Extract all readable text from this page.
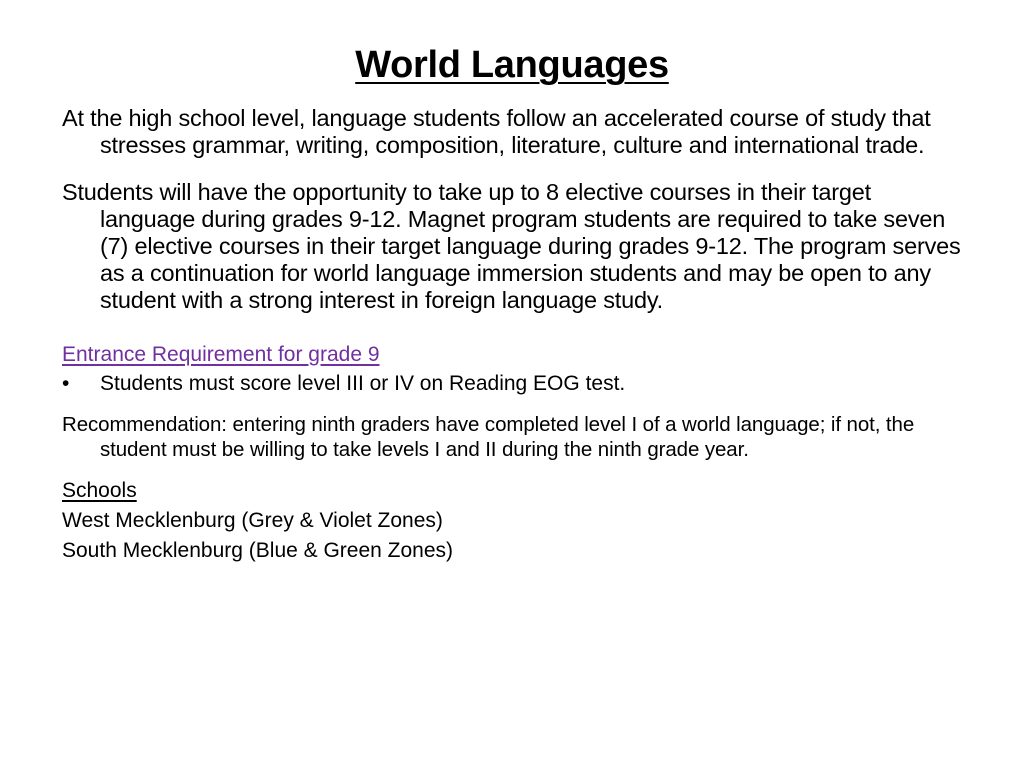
World Languages

At the high school level, language students follow an accelerated course of study that stresses grammar, writing, composition, literature, culture and international trade.

Students will have the opportunity to take up to 8 elective courses in their target language during grades 9-12. Magnet program students are required to take seven (7) elective courses in their target language during grades 9-12. The program serves as a continuation for world language immersion students and may be open to any student with a strong interest in foreign language study.

Entrance Requirement for grade 9
•	Students must score level III or IV on Reading EOG test.

Recommendation: entering ninth graders have completed level I of a world language; if not, the student must be willing to take levels I and II during the ninth grade year.

Schools

West Mecklenburg (Grey & Violet Zones)

South Mecklenburg (Blue & Green Zones)
